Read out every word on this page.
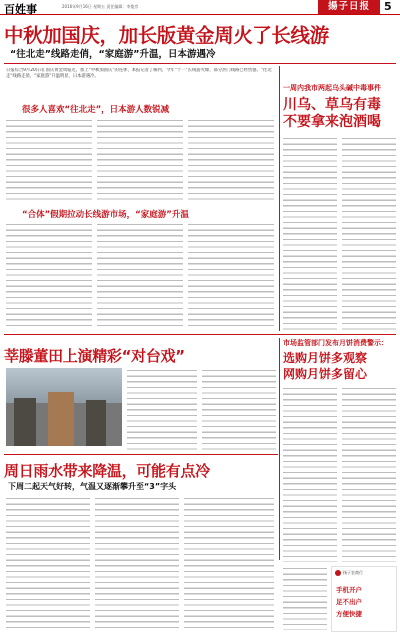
百姓事	2016年9月16日 星期五 责任编辑：李俊彦	揚子日报	5
中秋加国庆，加长版黄金周火了长线游
“往北走”线路走俏，“家庭游”升温，日本游遇冷
日报综合9月20日讯 国庆黄金周临近，加上“中秋加国庆”的连休，本报记者了解到，今年“十一”长线游火爆，部分热门线路已经售罄。“往北走”线路走俏，“家庭游”升温明显，日本游遇冷。
一周内我市两起乌头碱中毒事件
川乌、草乌有毒
不要拿来泡酒喝
很多人喜欢“往北走”，日本游人数锐减
“合体”假期拉动长线游市场，“家庭游”升温
莘滕董田上演精彩“对台戏”
市场监管部门发布月饼消费警示：
选购月饼多观察
网购月饼多留心
周日雨水带来降温，可能有点冷
下周二起天气好转，气温又逐渐攀升至“3”字头
扬子农商行
手机开户
足不出户
方便快捷
